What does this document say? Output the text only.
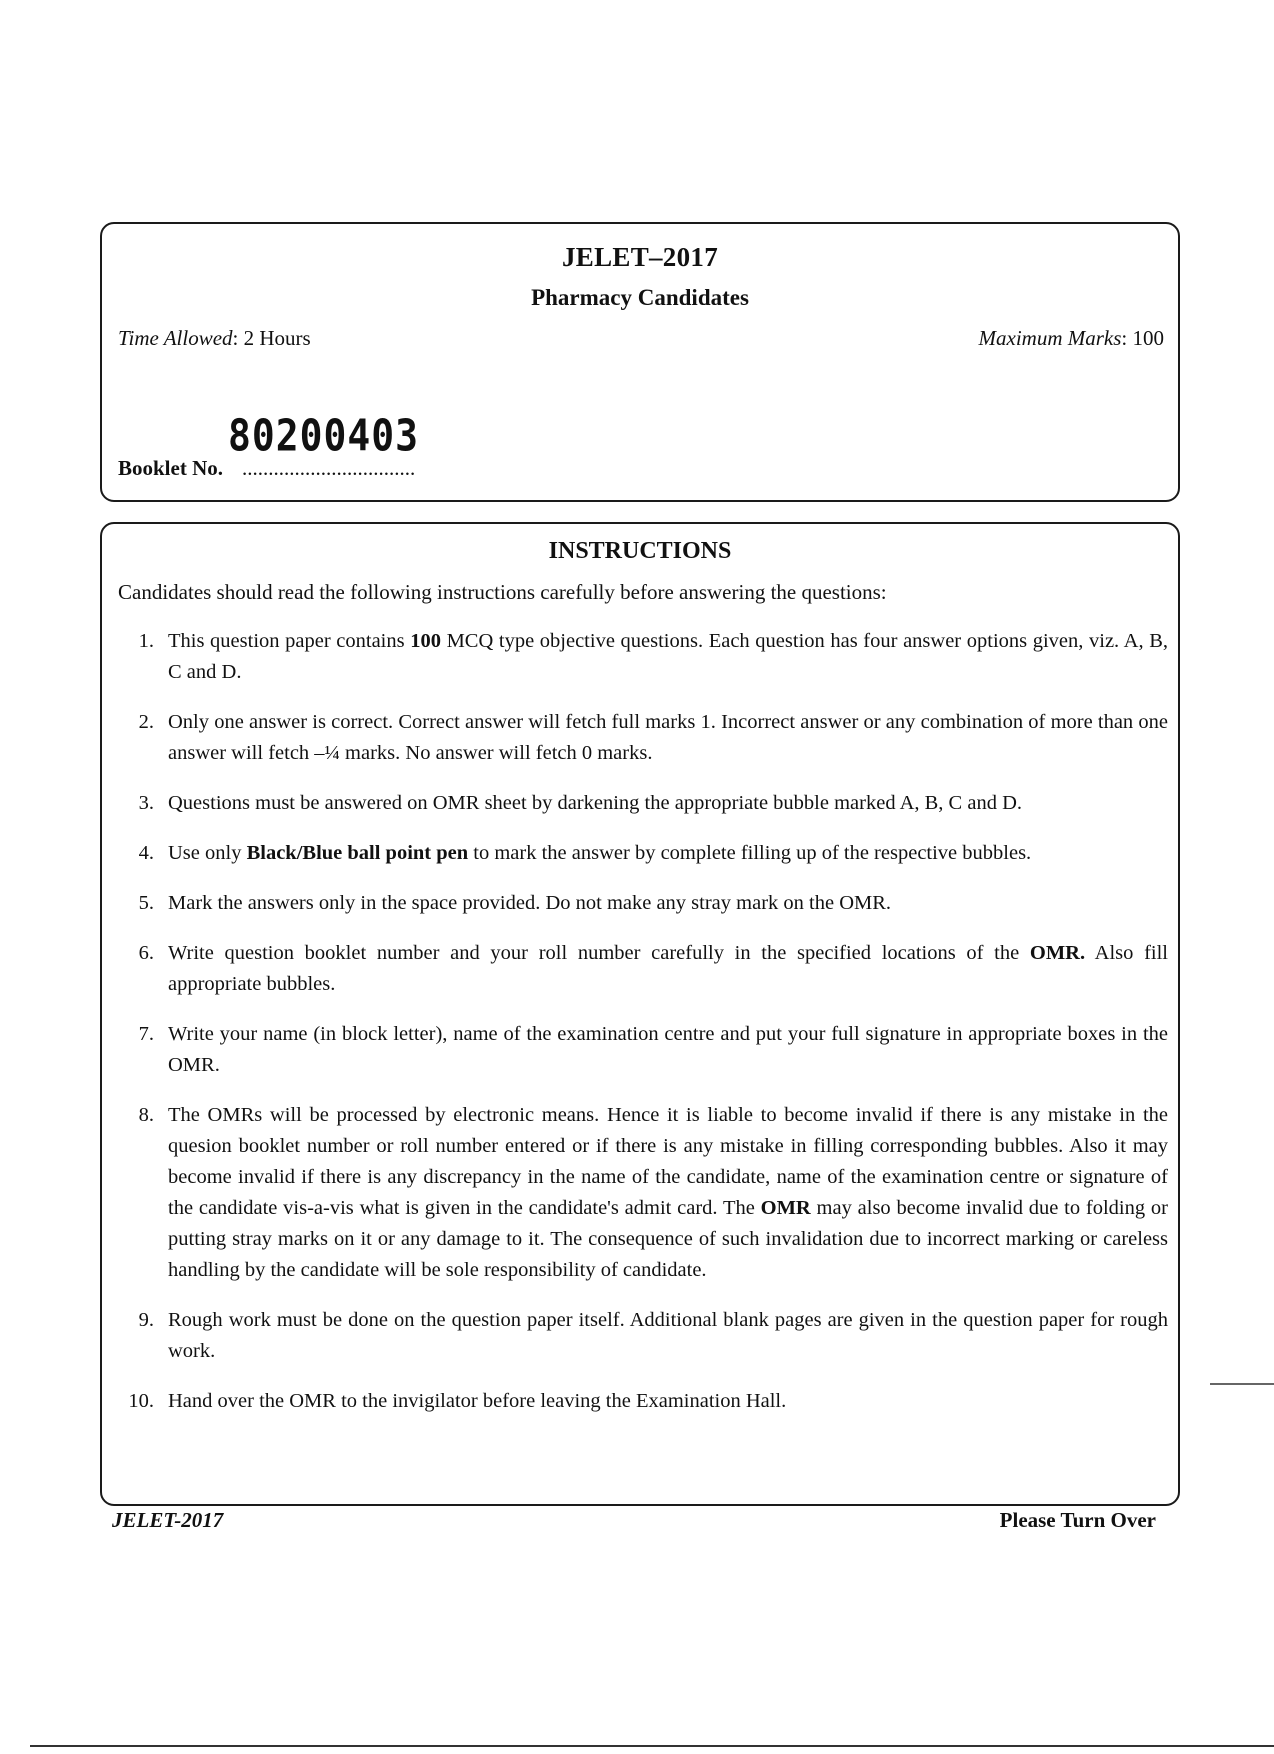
JELET–2017
Pharmacy Candidates
Time Allowed: 2 Hours	Maximum Marks: 100
80200403
Booklet No. .................................
INSTRUCTIONS
Candidates should read the following instructions carefully before answering the questions:
1. This question paper contains 100 MCQ type objective questions. Each question has four answer options given, viz. A, B, C and D.
2. Only one answer is correct. Correct answer will fetch full marks 1. Incorrect answer or any combination of more than one answer will fetch –¼ marks. No answer will fetch 0 marks.
3. Questions must be answered on OMR sheet by darkening the appropriate bubble marked A, B, C and D.
4. Use only Black/Blue ball point pen to mark the answer by complete filling up of the respective bubbles.
5. Mark the answers only in the space provided. Do not make any stray mark on the OMR.
6. Write question booklet number and your roll number carefully in the specified locations of the OMR. Also fill appropriate bubbles.
7. Write your name (in block letter), name of the examination centre and put your full signature in appropriate boxes in the OMR.
8. The OMRs will be processed by electronic means. Hence it is liable to become invalid if there is any mistake in the quesion booklet number or roll number entered or if there is any mistake in filling corresponding bubbles. Also it may become invalid if there is any discrepancy in the name of the candidate, name of the examination centre or signature of the candidate vis-a-vis what is given in the candidate's admit card. The OMR may also become invalid due to folding or putting stray marks on it or any damage to it. The consequence of such invalidation due to incorrect marking or careless handling by the candidate will be sole responsibility of candidate.
9. Rough work must be done on the question paper itself. Additional blank pages are given in the question paper for rough work.
10. Hand over the OMR to the invigilator before leaving the Examination Hall.
JELET-2017	Please Turn Over
